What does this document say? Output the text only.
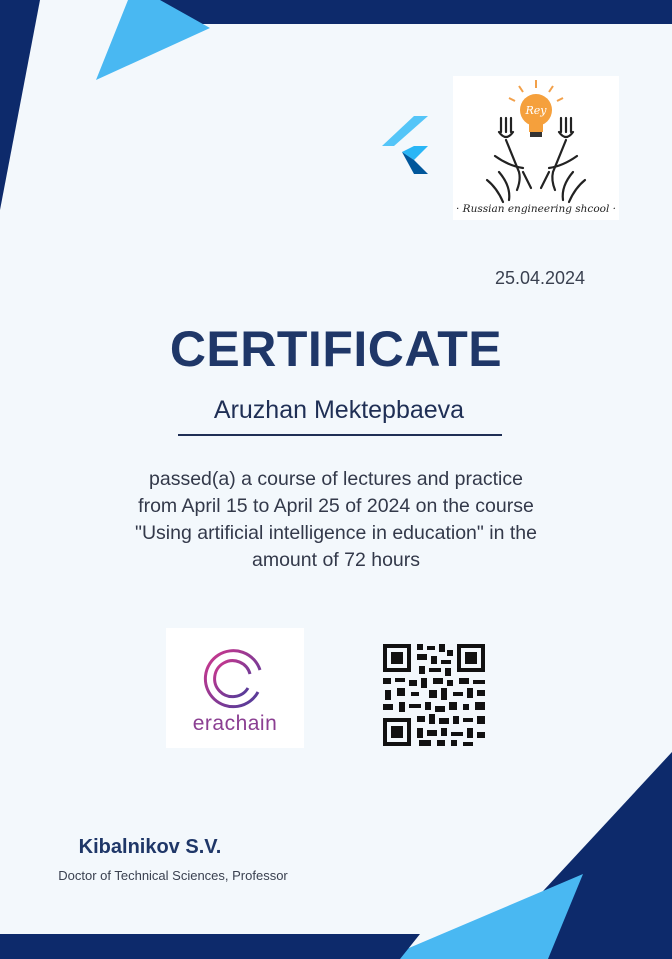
Rey
· Russian engineering shcool ·
25.04.2024
CERTIFICATE
Aruzhan Mektepbaeva
passed(a) a course of lectures and practice
from April 15 to April 25 of 2024 on the course
"Using artificial intelligence in education" in the
amount of 72 hours
erachain
Kibalnikov S.V.
Doctor of Technical Sciences, Professor
